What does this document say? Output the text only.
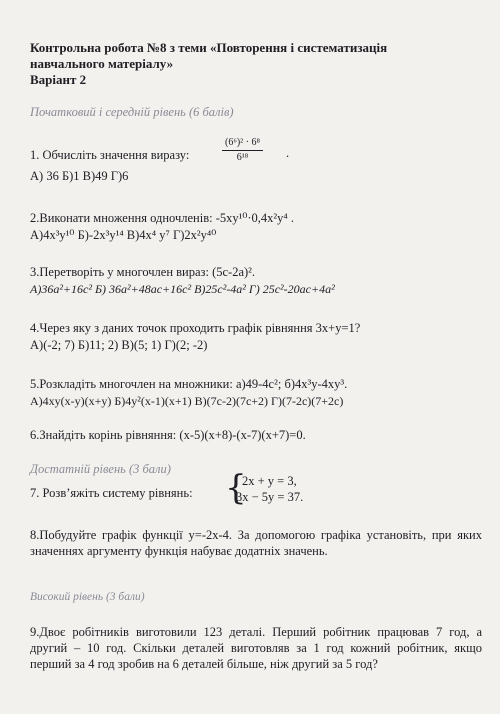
Контрольна робота №8 з теми «Повторення і систематизація
навчального матеріалу»
Варіант 2
Початковий і середній рівень (6 балів)
1. Обчисліть значення виразу:	$\frac{\text{(6⁶)² · 6⁸}}{\text{6¹⁸}}$ .
А) 36 Б)1 В)49 Г)6
2.Виконати множення одночленів: -5xy¹⁰·0,4x²y⁴ .
А)4x³y¹⁰ Б)-2x³y¹⁴ В)4x⁴ y⁷ Г)2x²y⁴⁰
3.Перетворіть у многочлен вираз: (5c-2a)².
А)36a²+16c² Б) 36a²+48ac+16c² В)25c²-4a² Г) 25c²-20ac+4a²
4.Через яку з даних точок проходить графік рівняння 3x+y=1?
А)(-2; 7) Б)11; 2) В)(5; 1) Г)(2; -2)
5.Розкладіть многочлен на множники: а)49-4c²; б)4x³y-4xy³.
А)4xy(x-y)(x+y) Б)4y²(x-1)(x+1) В)(7c-2)(7c+2) Г)(7-2c)(7+2c)
6.Знайдіть корінь рівняння: (x-5)(x+8)-(x-7)(x+7)=0.
Достатній рівень (3 бали)
7. Розв’яжіть систему рівнянь: {
2x + y = 3,
3x − 5y = 37.
8.Побудуйте графік функції y=-2x-4. За допомогою графіка установіть, при яких значеннях аргументу функція набуває додатніх значень.
Високий рівень (3 бали)
9.Двоє робітників виготовили 123 деталі. Перший робітник працював 7 год, а другий – 10 год. Скільки деталей виготовляв за 1 год кожний робітник, якщо перший за 4 год зробив на 6 деталей більше, ніж другий за 5 год?
